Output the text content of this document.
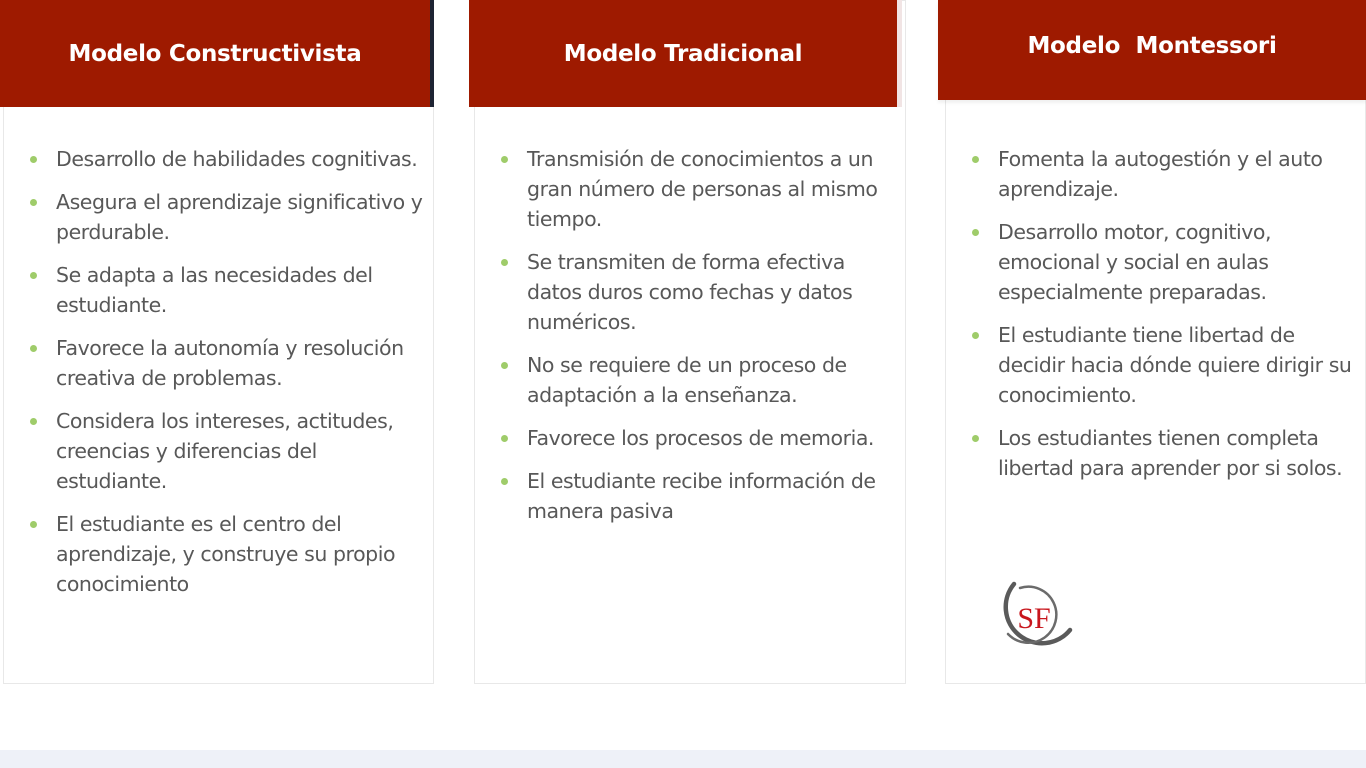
Modelo Constructivista
Desarrollo de habilidades cognitivas.
Asegura el aprendizaje significativo y perdurable.
Se adapta a las necesidades del estudiante.
Favorece la autonomía y resolución creativa de problemas.
Considera los intereses, actitudes, creencias y diferencias del estudiante.
El estudiante es el centro del aprendizaje, y construye su propio conocimiento
Modelo Tradicional
Transmisión de conocimientos a un gran número de personas al mismo tiempo.
Se transmiten de forma efectiva datos duros como fechas y datos numéricos.
No se requiere de un proceso de adaptación a la enseñanza.
Favorece los procesos de memoria.
El estudiante recibe información de manera pasiva
Modelo  Montessori
Fomenta la autogestión y el auto aprendizaje.
Desarrollo motor, cognitivo, emocional y social en aulas especialmente preparadas.
El estudiante tiene libertad de decidir hacia dónde quiere dirigir su conocimiento.
Los estudiantes tienen completa libertad para aprender por si solos.
SF
